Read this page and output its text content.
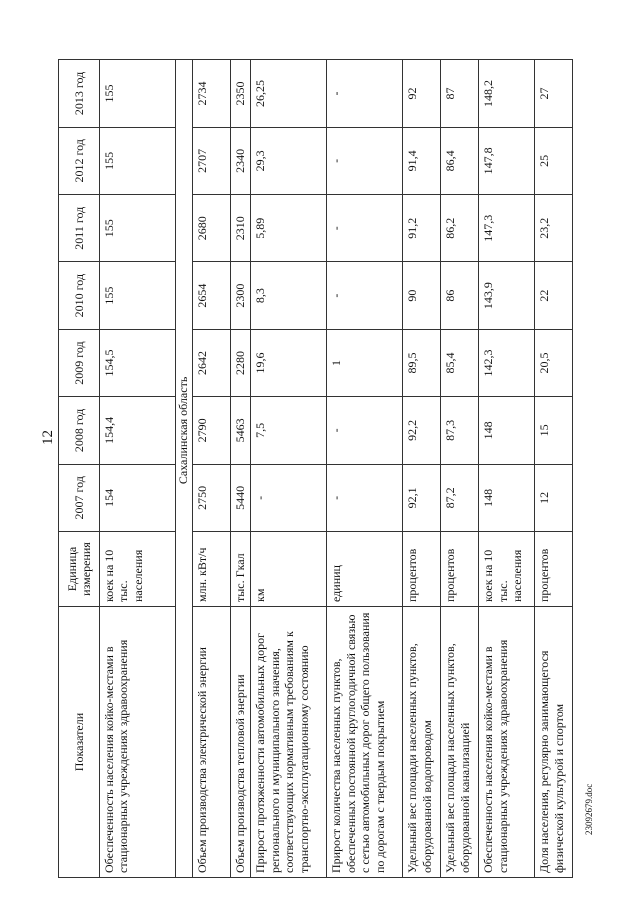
12
23092679.doc
Показатели	Единица измерения	2007 год	2008 год	2009 год	2010 год	2011 год	2012 год	2013 год
Обеспеченность населения койко-местами в стационарных учреждениях здравоохранения	коек на 10 тыс. населения	154	154,4	154,5	155	155	155	155
		Сахалинская область						
Объем производства электрической энергии	млн. кВт/ч	2750	2790	2642	2654	2680	2707	2734
Объем производства тепловой энергии	тыс. Гкал	5440	5463	2280	2300	2310	2340	2350
Прирост протяженности автомобильных дорог регионального и муниципального значения, соответствующих нормативным требованиям к транспортно-эксплуатационному состоянию	км	-	7,5	19,6	8,3	5,89	29,3	26,25
Прирост количества населенных пунктов, обеспеченных постоянной круглогодичной связью с сетью автомобильных дорог общего пользования по дорогам с твердым покрытием	единиц	-	-	1	-	-	-	-
Удельный вес площади населенных пунктов, оборудованной водопроводом	процентов	92,1	92,2	89,5	90	91,2	91,4	92
Удельный вес площади населенных пунктов, оборудованной канализацией	процентов	87,2	87,3	85,4	86	86,2	86,4	87
Обеспеченность населения койко-местами в стационарных учреждениях здравоохранения	коек на 10 тыс. населения	148	148	142,3	143,9	147,3	147,8	148,2
Доля населения, регулярно занимающегося физической культурой и спортом	процентов	12	15	20,5	22	23,2	25	27
